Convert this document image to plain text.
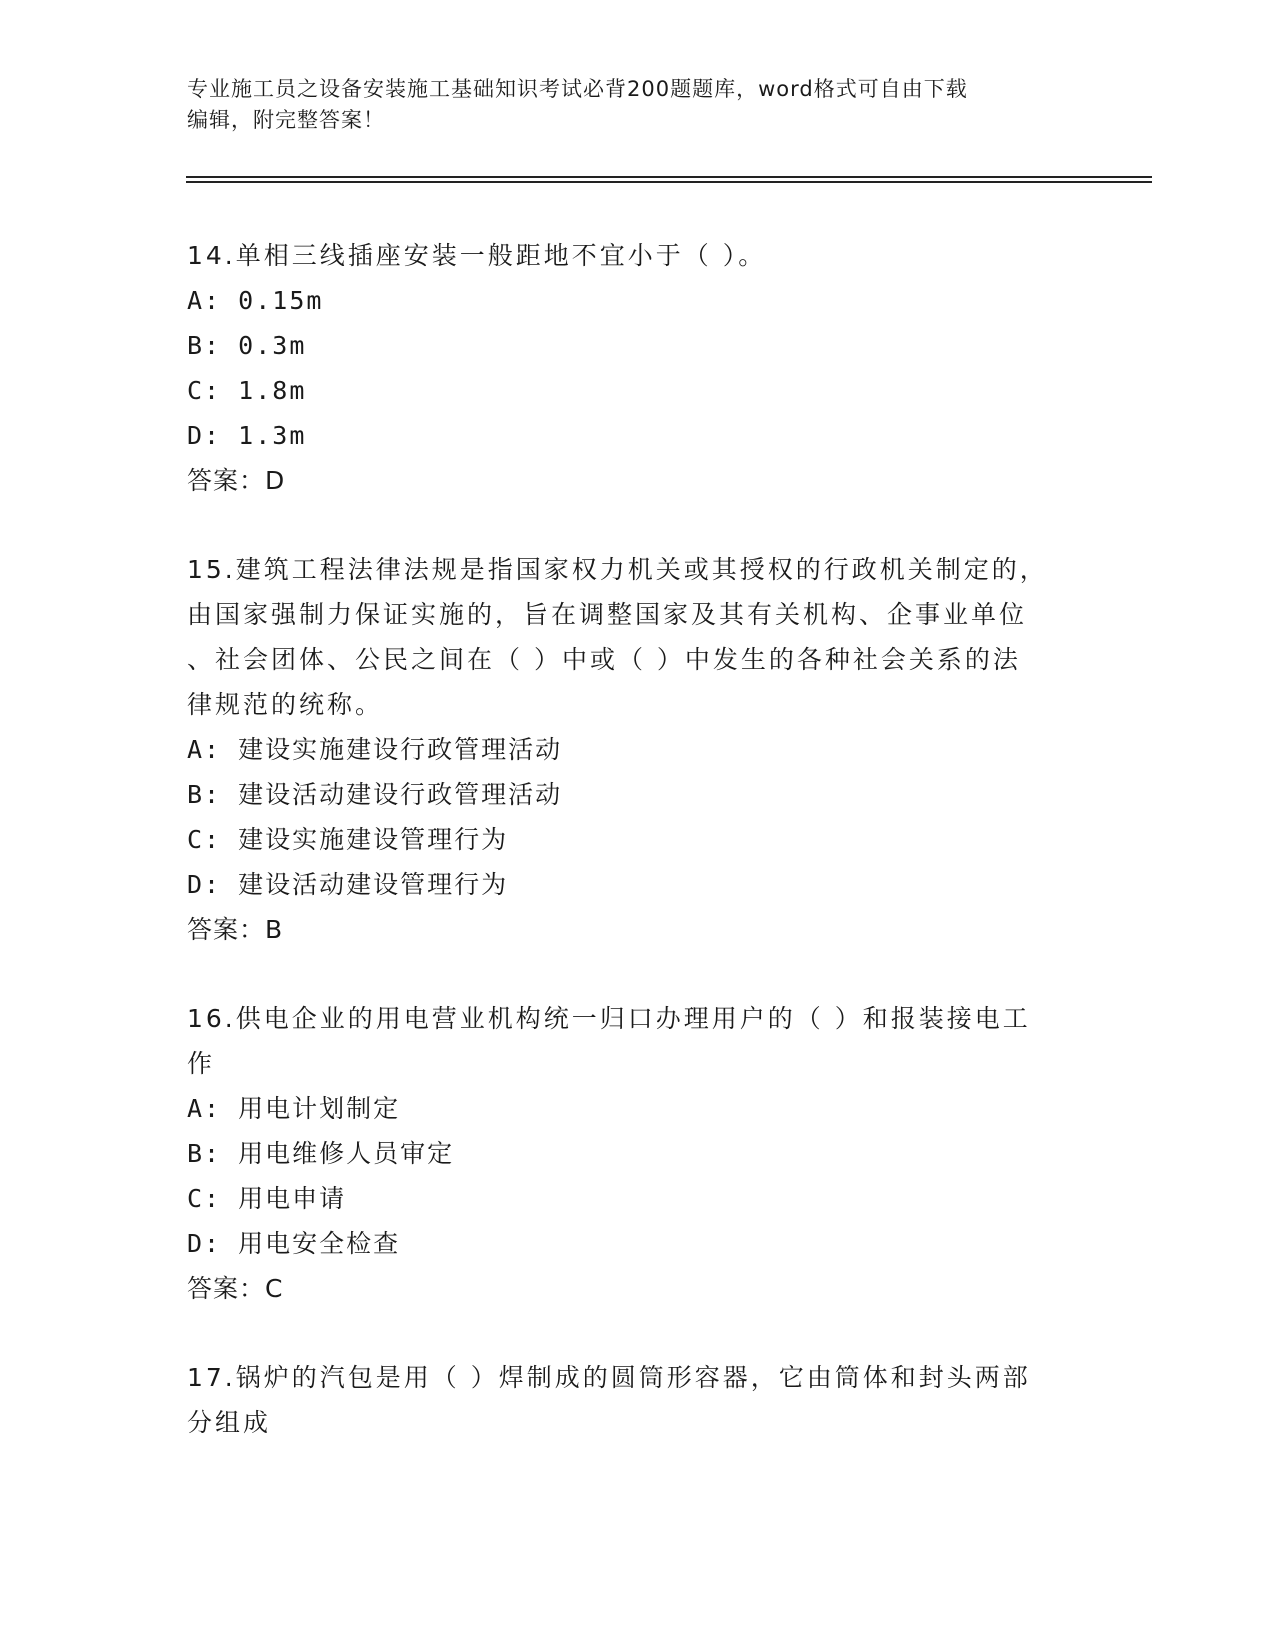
专业施工员之设备安装施工基础知识考试必背200题题库，word格式可自由下载
编辑，附完整答案！
14.单相三线插座安装一般距地不宜小于（ ）。
A: 0.15m
B: 0.3m
C: 1.8m
D: 1.3m
答案：D
15.建筑工程法律法规是指国家权力机关或其授权的行政机关制定的，
由国家强制力保证实施的，旨在调整国家及其有关机构、企事业单位
、社会团体、公民之间在（ ）中或（ ）中发生的各种社会关系的法
律规范的统称。
A: 建设实施建设行政管理活动
B: 建设活动建设行政管理活动
C: 建设实施建设管理行为
D: 建设活动建设管理行为
答案：B
16.供电企业的用电营业机构统一归口办理用户的（ ）和报装接电工
作
A: 用电计划制定
B: 用电维修人员审定
C: 用电申请
D: 用电安全检查
答案：C
17.锅炉的汽包是用（ ）焊制成的圆筒形容器，它由筒体和封头两部
分组成
